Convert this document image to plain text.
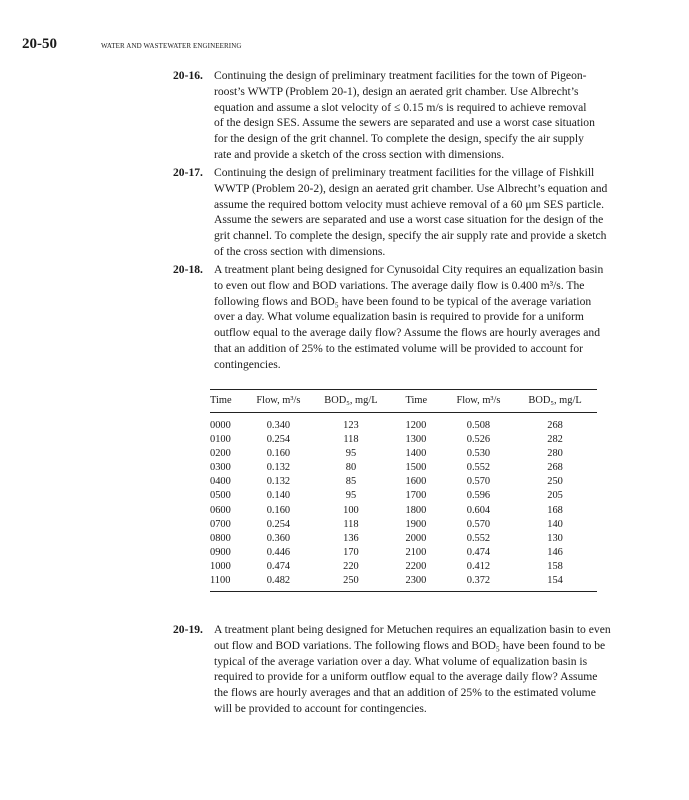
20-50	WATER AND WASTEWATER ENGINEERING
20-16. Continuing the design of preliminary treatment facilities for the town of Pigeon-
roost’s WWTP (Problem 20-1), design an aerated grit chamber. Use Albrecht’s
equation and assume a slot velocity of ≤ 0.15 m/s is required to achieve removal
of the design SES. Assume the sewers are separated and use a worst case situation
for the design of the grit channel. To complete the design, specify the air supply
rate and provide a sketch of the cross section with dimensions.
20-17. Continuing the design of preliminary treatment facilities for the village of Fishkill
WWTP (Problem 20-2), design an aerated grit chamber. Use Albrecht’s equation and
assume the required bottom velocity must achieve removal of a 60 μm SES particle.
Assume the sewers are separated and use a worst case situation for the design of the
grit channel. To complete the design, specify the air supply rate and provide a sketch
of the cross section with dimensions.
20-18. A treatment plant being designed for Cynusoidal City requires an equalization basin
to even out flow and BOD variations. The average daily flow is 0.400 m³/s. The
following flows and BOD₅ have been found to be typical of the average variation
over a day. What volume equalization basin is required to provide for a uniform
outflow equal to the average daily flow? Assume the flows are hourly averages and
that an addition of 25% to the estimated volume will be provided to account for
contingencies.
Time	Flow, m³/s	BOD₅, mg/L	Time	Flow, m³/s	BOD₅, mg/L
0000	0.340	123	1200	0.508	268
0100	0.254	118	1300	0.526	282
0200	0.160	95	1400	0.530	280
0300	0.132	80	1500	0.552	268
0400	0.132	85	1600	0.570	250
0500	0.140	95	1700	0.596	205
0600	0.160	100	1800	0.604	168
0700	0.254	118	1900	0.570	140
0800	0.360	136	2000	0.552	130
0900	0.446	170	2100	0.474	146
1000	0.474	220	2200	0.412	158
1100	0.482	250	2300	0.372	154
20-19. A treatment plant being designed for Metuchen requires an equalization basin to even
out flow and BOD variations. The following flows and BOD₅ have been found to be
typical of the average variation over a day. What volume of equalization basin is
required to provide for a uniform outflow equal to the average daily flow? Assume
the flows are hourly averages and that an addition of 25% to the estimated volume
will be provided to account for contingencies.
